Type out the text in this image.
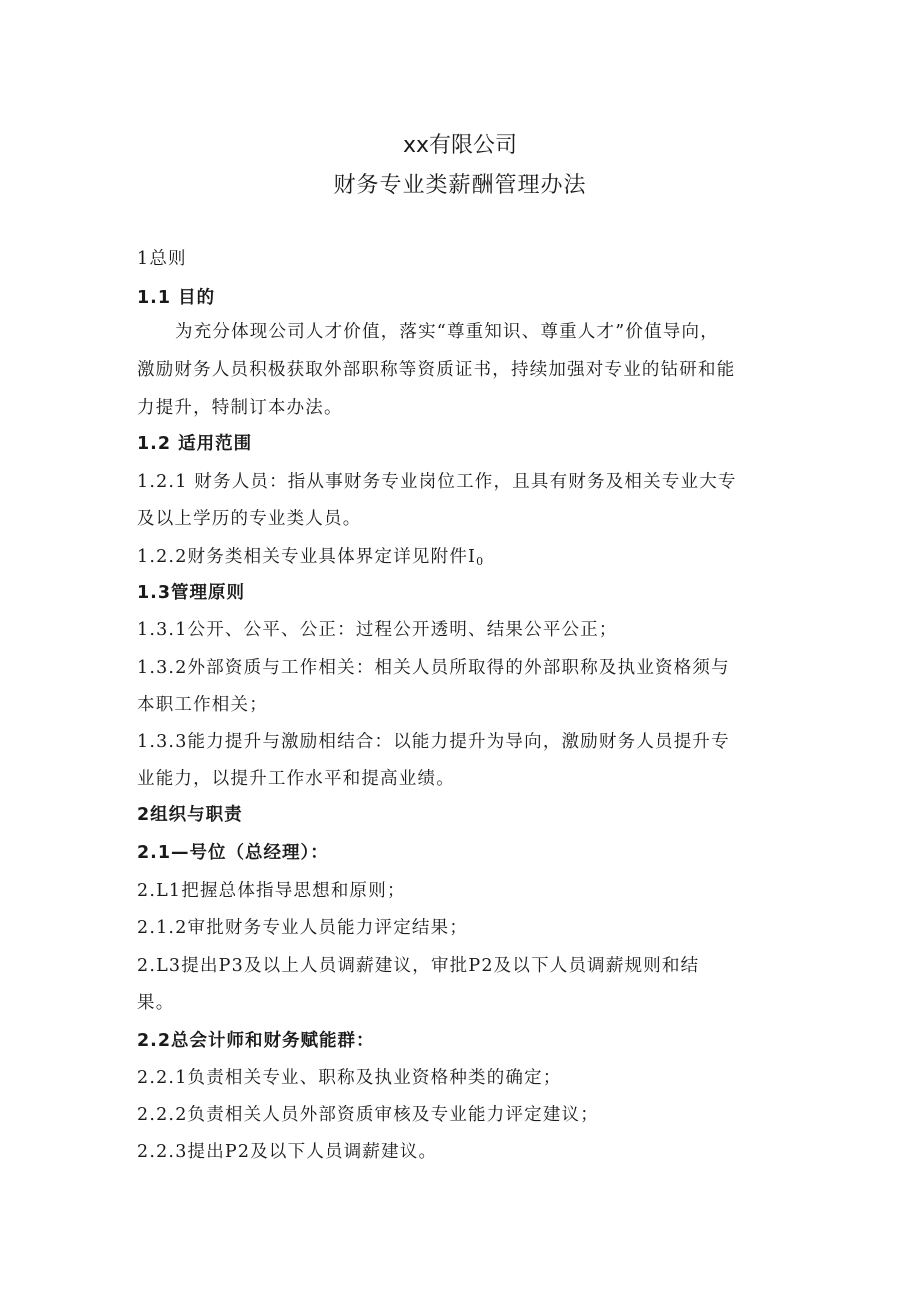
xx有限公司
财务专业类薪酬管理办法
1总则
1.1 目的
为充分体现公司人才价值，落实“尊重知识、尊重人才”价值导向，
激励财务人员积极获取外部职称等资质证书，持续加强对专业的钻研和能
力提升，特制订本办法。
1.2 适用范围
1.2.1 财务人员：指从事财务专业岗位工作，且具有财务及相关专业大专
及以上学历的专业类人员。
1.2.2财务类相关专业具体界定详见附件$I_0$
1.3管理原则
1.3.1公开、公平、公正：过程公开透明、结果公平公正；
1.3.2外部资质与工作相关：相关人员所取得的外部职称及执业资格须与
本职工作相关；
1.3.3能力提升与激励相结合：以能力提升为导向，激励财务人员提升专
业能力，以提升工作水平和提高业绩。
2组织与职责
2.1—号位（总经理）：
2.L1把握总体指导思想和原则；
2.1.2审批财务专业人员能力评定结果；
2.L3提出P3及以上人员调薪建议，审批P2及以下人员调薪规则和结
果。
2.2总会计师和财务赋能群：
2.2.1负责相关专业、职称及执业资格种类的确定；
2.2.2负责相关人员外部资质审核及专业能力评定建议；
2.2.3提出P2及以下人员调薪建议。
